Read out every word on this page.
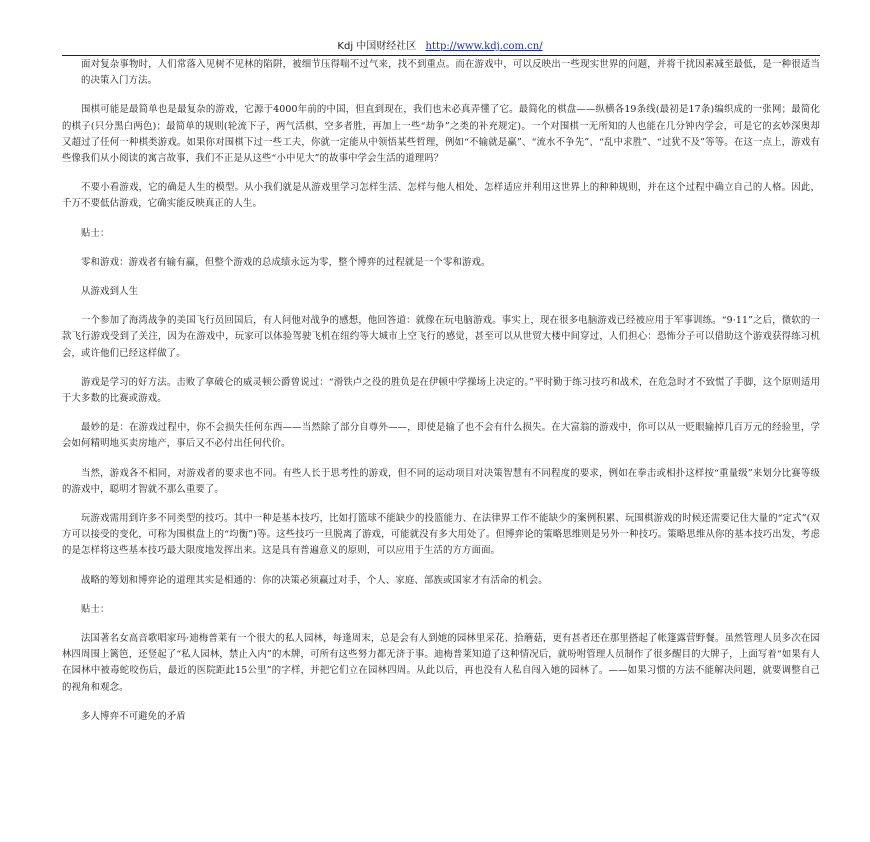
Kdj 中国财经社区 http://www.kdj.com.cn/

面对复杂事物时，人们常落入见树不见林的陷阱，被细节压得喘不过气来，找不到重点。而在游戏中，可以反映出一些现实世界的问题，并将干扰因素减至最低，是一种很适当的决策入门方法。

围棋可能是最简单也是最复杂的游戏，它源于4000年前的中国，但直到现在，我们也未必真弄懂了它。最简化的棋盘——纵横各19条线(最初是17条)编织成的一张网；最简化的棋子(只分黑白两色)；最简单的规则(轮流下子，两气活棋，空多者胜，再加上一些“劫争”之类的补充规定)。一个对围棋一无所知的人也能在几分钟内学会，可是它的玄妙深奥却又超过了任何一种棋类游戏。如果你对围棋下过一些工夫，你就一定能从中领悟某些哲理，例如“不输就是赢”、“流水不争先”、“乱中求胜”、“过犹不及”等等。在这一点上，游戏有些像我们从小阅读的寓言故事，我们不正是从这些“小中见大”的故事中学会生活的道理吗？

不要小看游戏，它的确是人生的模型。从小我们就是从游戏里学习怎样生活、怎样与他人相处、怎样适应并利用这世界上的种种规则，并在这个过程中确立自己的人格。因此，千万不要低估游戏，它确实能反映真正的人生。

贴士：

零和游戏：游戏者有输有赢，但整个游戏的总成绩永远为零，整个博弈的过程就是一个零和游戏。

从游戏到人生

一个参加了海湾战争的美国飞行员回国后，有人问他对战争的感想，他回答道：就像在玩电脑游戏。事实上，现在很多电脑游戏已经被应用于军事训练。“9·11”之后，微软的一款飞行游戏受到了关注，因为在游戏中，玩家可以体验驾驶飞机在纽约等大城市上空飞行的感觉，甚至可以从世贸大楼中间穿过，人们担心：恐怖分子可以借助这个游戏获得练习机会，或许他们已经这样做了。

游戏是学习的好方法。击败了拿破仑的威灵顿公爵曾说过：“滑铁卢之役的胜负是在伊顿中学操场上决定的。”平时勤于练习技巧和战术，在危急时才不致慌了手脚，这个原则适用于大多数的比赛或游戏。

最妙的是：在游戏过程中，你不会损失任何东西——当然除了部分自尊外——，即使是输了也不会有什么损失。在大富翁的游戏中，你可以从一贬眼输掉几百万元的经验里，学会如何精明地买卖房地产，事后又不必付出任何代价。

当然，游戏各不相同，对游戏者的要求也不同。有些人长于思考性的游戏，但不同的运动项目对决策智慧有不同程度的要求，例如在拳击或相扑这样按“重量级”来划分比赛等级的游戏中，聪明才智就不那么重要了。

玩游戏需用到许多不同类型的技巧。其中一种是基本技巧，比如打篮球不能缺少的投篮能力、在法律界工作不能缺少的案例积累、玩围棋游戏的时候还需要记住大量的“定式”(双方可以接受的变化，可称为围棋盘上的“均衡”)等。这些技巧一旦脱离了游戏，可能就没有多大用处了。但博弈论的策略思维则是另外一种技巧。策略思维从你的基本技巧出发，考虑的是怎样将这些基本技巧最大限度地发挥出来。这是具有普遍意义的原则，可以应用于生活的方方面面。

战略的筹划和博弈论的道理其实是相通的：你的决策必须赢过对手，个人、家庭、部族或国家才有活命的机会。

贴士：

法国著名女高音歌唱家玛·迪梅普莱有一个很大的私人园林，每逢周末，总是会有人到她的园林里采花、拾蘑菇，更有甚者还在那里搭起了帐篷露营野餐。虽然管理人员多次在园林四周围上篱笆，还竖起了“私人园林，禁止入内”的木牌，可所有这些努力都无济于事。迪梅普莱知道了这种情况后，就吩咐管理人员制作了很多醒目的大牌子，上面写着“如果有人在园林中被毒蛇咬伤后，最近的医院距此15公里”的字样，并把它们立在园林四周。从此以后，再也没有人私自闯入她的园林了。——如果习惯的方法不能解决问题，就要调整自己的视角和观念。

多人博弈不可避免的矛盾
